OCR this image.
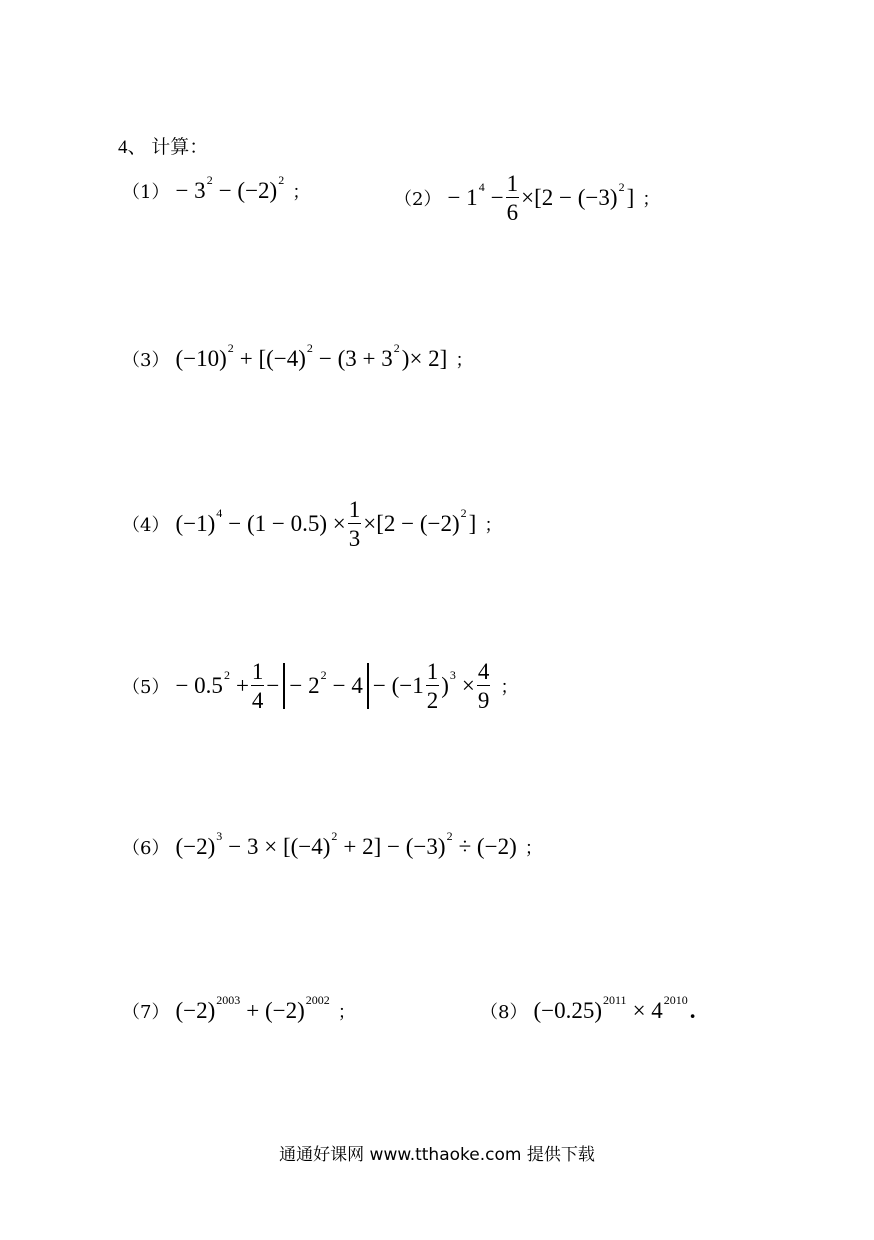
4、 计算：
（1） − 3 2 − (−2) 2
；	（2） − 1 $4 - \frac{1}{6} \times[2 - (-3)$ 2 ] ；
（3） (−10) 2 + [(−4) 2 − (3 + 3 2 )× 2] ；
（4） (−1) $4 - (1 - 0.5) \times \frac{1}{3} \times[2 - (-2)$ 2 ] ；
（5） − 0.5 $2 + \frac{1}{4}$ − − 2 $2 - 4 - (-1 \frac{1}{2}$ ) $3 \times \frac{4}{9}$ ；
（6） (−2) 3 − 3 × [(−4) 2 + 2] − (−3) 2 ÷ (−2) ；
（7） (−2) 2003 + (−2) 2002
；	（8） (−0.25) 2011 × 4 2010 .
通通好课网 www.tthaoke.com 提供下载
